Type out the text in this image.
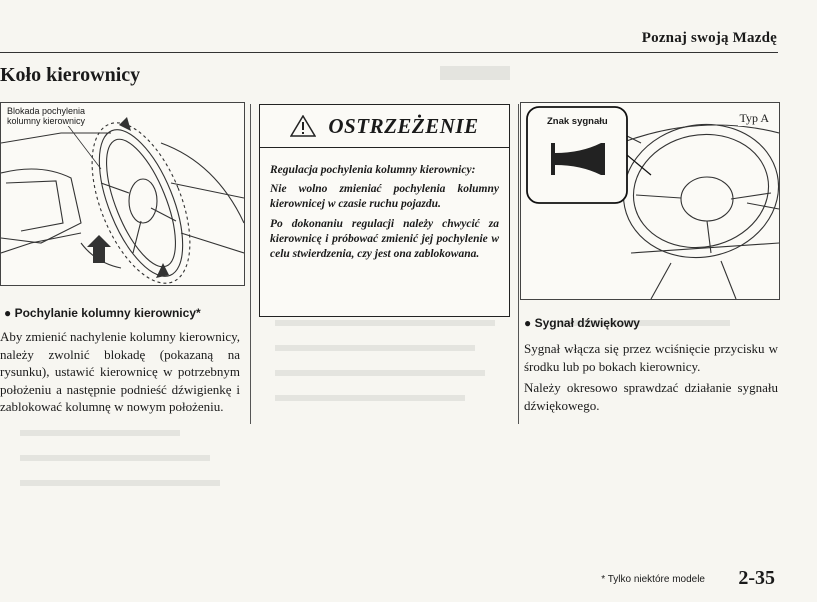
Poznaj swoją Mazdę
Koło kierownicy
Blokada pochylenia kolumny kierownicy
● Pochylanie kolumny kierownicy*
Aby zmienić nachylenie kolumny kierownicy, należy zwolnić blokadę (pokazaną na rysunku), ustawić kierownicę w potrzebnym położeniu a następnie podnieść dźwigienkę i zablokować kolumnę w nowym położeniu.
OSTRZEŻENIE

Regulacja pochylenia kolumny kierownicy:

Nie wolno zmieniać pochylenia kolumny kierownicej w czasie ruchu pojazdu.

Po dokonaniu regulacji należy chwycić za kierownicę i próbować zmienić jej pochylenie w celu stwierdzenia, czy jest ona zablokowana.

Znak sygnału	Typ A
● Sygnał dźwiękowy

Sygnał włącza się przez wciśnięcie przycisku w środku lub po bokach kierownicy.

Należy okresowo sprawdzać działanie sygnału dźwiękowego.

* Tylko niektóre modele 2-35
